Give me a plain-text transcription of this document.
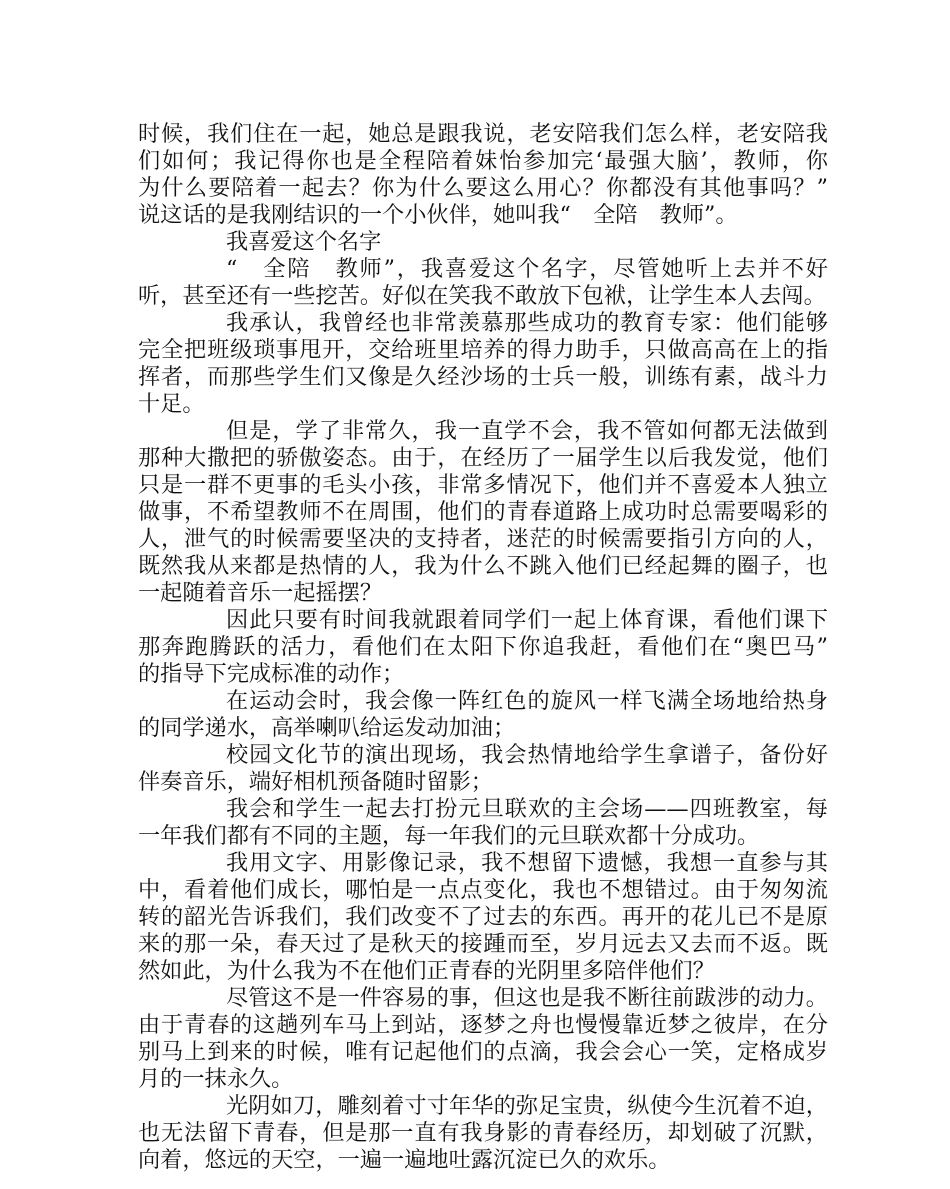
时候，我们住在一起，她总是跟我说，老安陪我们怎么样，老安陪我
们如何；我记得你也是全程陪着妹怡参加完‘最强大脑’，教师，你
为什么要陪着一起去？你为什么要这么用心？你都没有其他事吗？”
说这话的是我刚结识的一个小伙伴，她叫我“　全陪　教师”。
我喜爱这个名字
“　全陪　教师”，我喜爱这个名字，尽管她听上去并不好
听，甚至还有一些挖苦。好似在笑我不敢放下包袱，让学生本人去闯。
我承认，我曾经也非常羡慕那些成功的教育专家：他们能够
完全把班级琐事甩开，交给班里培养的得力助手，只做高高在上的指
挥者，而那些学生们又像是久经沙场的士兵一般，训练有素，战斗力
十足。
但是，学了非常久，我一直学不会，我不管如何都无法做到
那种大撒把的骄傲姿态。由于，在经历了一届学生以后我发觉，他们
只是一群不更事的毛头小孩，非常多情况下，他们并不喜爱本人独立
做事，不希望教师不在周围，他们的青春道路上成功时总需要喝彩的
人，泄气的时候需要坚决的支持者，迷茫的时候需要指引方向的人，
既然我从来都是热情的人，我为什么不跳入他们已经起舞的圈子，也
一起随着音乐一起摇摆？
因此只要有时间我就跟着同学们一起上体育课，看他们课下
那奔跑腾跃的活力，看他们在太阳下你追我赶，看他们在“奥巴马”
的指导下完成标准的动作；
在运动会时，我会像一阵红色的旋风一样飞满全场地给热身
的同学递水，高举喇叭给运发动加油；
校园文化节的演出现场，我会热情地给学生拿谱子，备份好
伴奏音乐，端好相机预备随时留影；
我会和学生一起去打扮元旦联欢的主会场——四班教室，每
一年我们都有不同的主题，每一年我们的元旦联欢都十分成功。
我用文字、用影像记录，我不想留下遗憾，我想一直参与其
中，看着他们成长，哪怕是一点点变化，我也不想错过。由于匆匆流
转的韶光告诉我们，我们改变不了过去的东西。再开的花儿已不是原
来的那一朵，春天过了是秋天的接踵而至，岁月远去又去而不返。既
然如此，为什么我为不在他们正青春的光阴里多陪伴他们？
尽管这不是一件容易的事，但这也是我不断往前跋涉的动力。
由于青春的这趟列车马上到站，逐梦之舟也慢慢靠近梦之彼岸，在分
别马上到来的时候，唯有记起他们的点滴，我会会心一笑，定格成岁
月的一抹永久。
光阴如刀，雕刻着寸寸年华的弥足宝贵，纵使今生沉着不迫，
也无法留下青春，但是那一直有我身影的青春经历，却划破了沉默，
向着，悠远的天空，一遍一遍地吐露沉淀已久的欢乐。
